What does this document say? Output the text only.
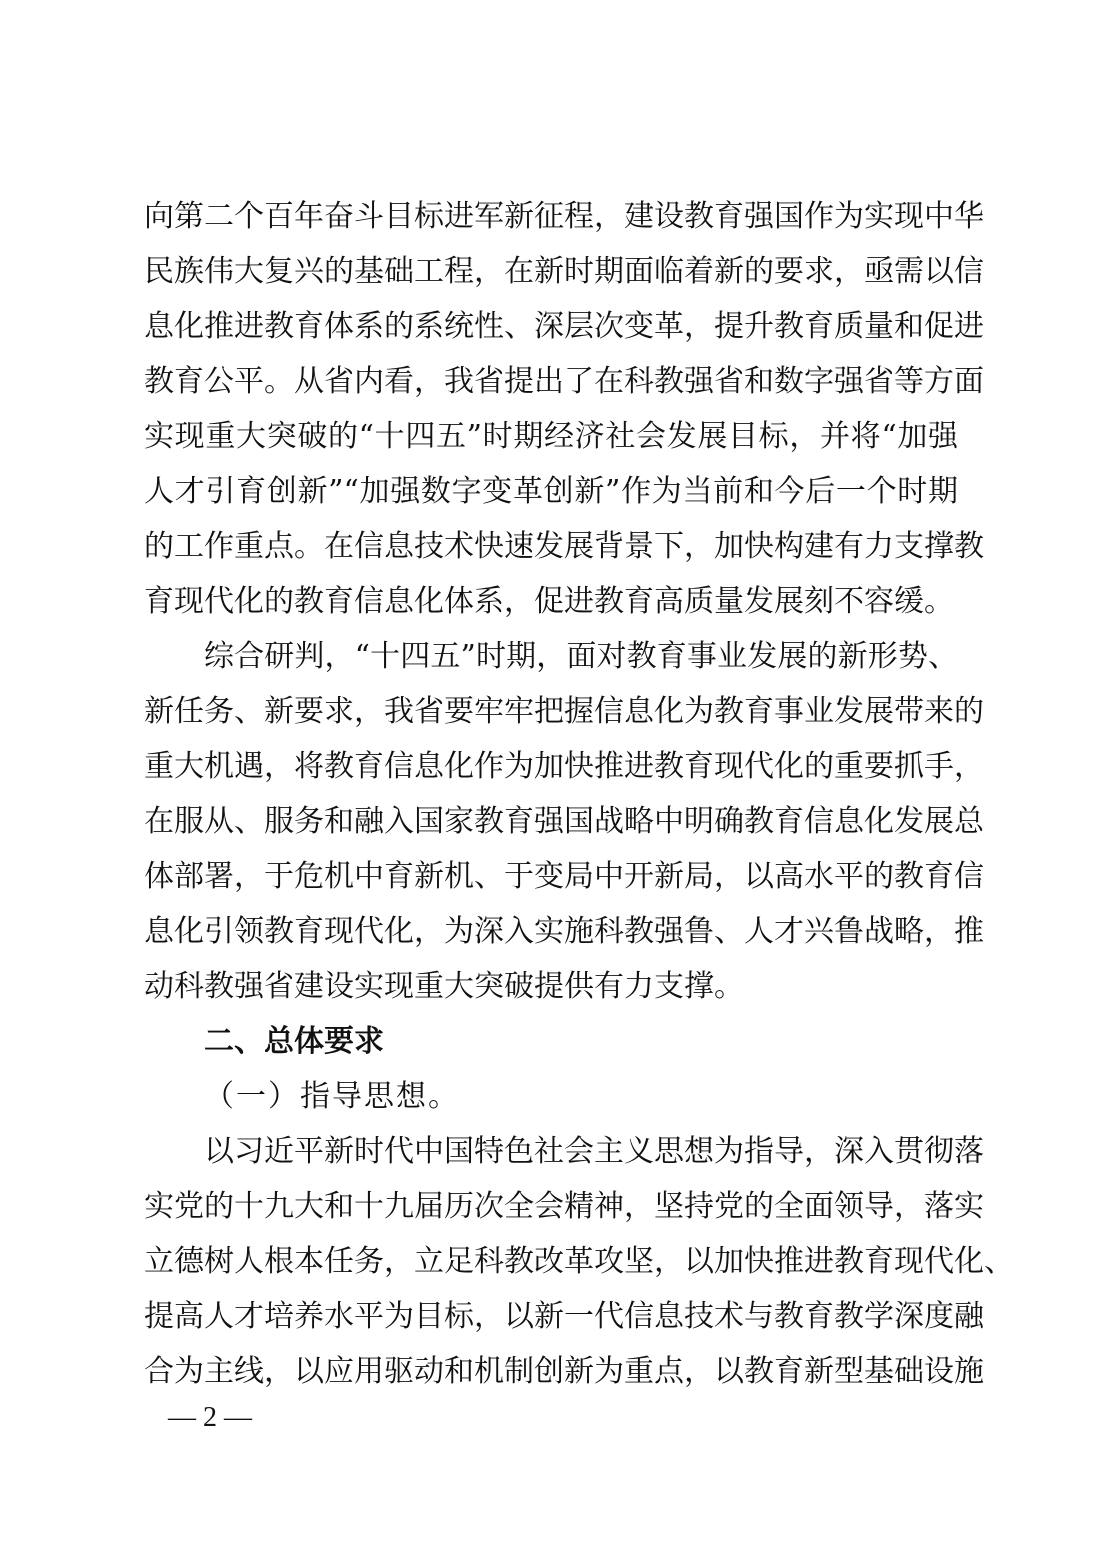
向第二个百年奋斗目标进军新征程，建设教育强国作为实现中华
民族伟大复兴的基础工程，在新时期面临着新的要求，亟需以信
息化推进教育体系的系统性、深层次变革，提升教育质量和促进
教育公平。从省内看，我省提出了在科教强省和数字强省等方面
实现重大突破的“十四五”时期经济社会发展目标，并将“加强
人才引育创新”“加强数字变革创新”作为当前和今后一个时期
的工作重点。在信息技术快速发展背景下，加快构建有力支撑教
育现代化的教育信息化体系，促进教育高质量发展刻不容缓。
综合研判，“十四五”时期，面对教育事业发展的新形势、
新任务、新要求，我省要牢牢把握信息化为教育事业发展带来的
重大机遇，将教育信息化作为加快推进教育现代化的重要抓手，
在服从、服务和融入国家教育强国战略中明确教育信息化发展总
体部署，于危机中育新机、于变局中开新局，以高水平的教育信
息化引领教育现代化，为深入实施科教强鲁、人才兴鲁战略，推
动科教强省建设实现重大突破提供有力支撑。
二、总体要求
（一）指导思想。
以习近平新时代中国特色社会主义思想为指导，深入贯彻落
实党的十九大和十九届历次全会精神，坚持党的全面领导，落实
立德树人根本任务，立足科教改革攻坚，以加快推进教育现代化、
提高人才培养水平为目标，以新一代信息技术与教育教学深度融
合为主线，以应用驱动和机制创新为重点，以教育新型基础设施
— 2 —
